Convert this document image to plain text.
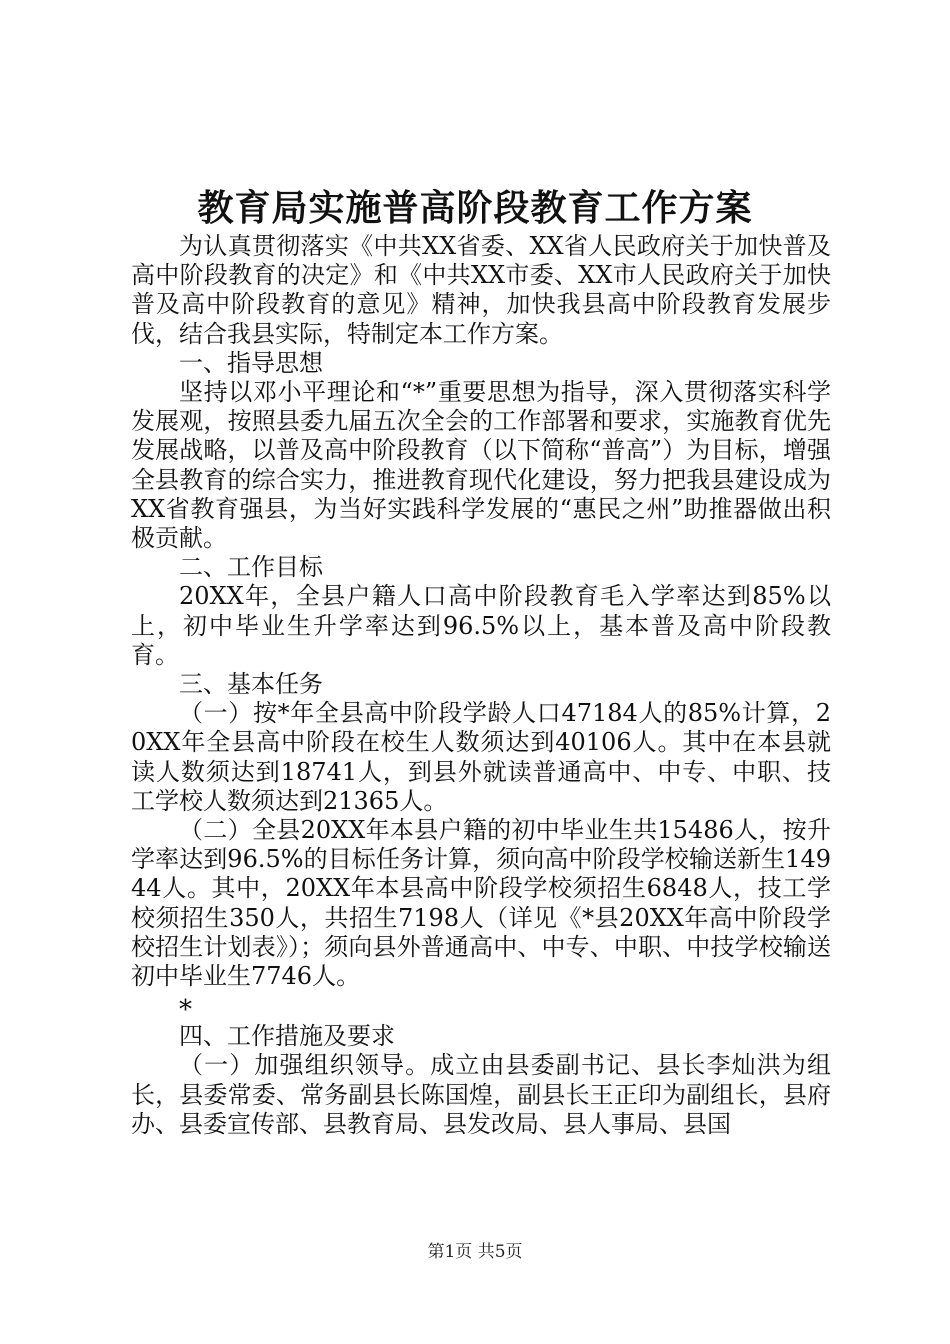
教育局实施普高阶段教育工作方案

为认真贯彻落实《中共XX省委、XX省人民政府关于加快普及高中阶段教育的决定》和《中共XX市委、XX市人民政府关于加快普及高中阶段教育的意见》精神，加快我县高中阶段教育发展步伐，结合我县实际，特制定本工作方案。

一、指导思想

坚持以邓小平理论和“*”重要思想为指导，深入贯彻落实科学发展观，按照县委九届五次全会的工作部署和要求，实施教育优先发展战略，以普及高中阶段教育（以下简称“普高”）为目标，增强全县教育的综合实力，推进教育现代化建设，努力把我县建设成为XX省教育强县，为当好实践科学发展的“惠民之州”助推器做出积极贡献。

二、工作目标

20XX年，全县户籍人口高中阶段教育毛入学率达到85%以上，初中毕业生升学率达到96.5%以上，基本普及高中阶段教育。

三、基本任务

（一）按*年全县高中阶段学龄人口47184人的85%计算，20XX年全县高中阶段在校生人数须达到40106人。其中在本县就读人数须达到18741人，到县外就读普通高中、中专、中职、技工学校人数须达到21365人。

（二）全县20XX年本县户籍的初中毕业生共15486人，按升学率达到96.5%的目标任务计算，须向高中阶段学校输送新生14944人。其中，20XX年本县高中阶段学校须招生6848人，技工学校须招生350人，共招生7198人（详见《*县20XX年高中阶段学校招生计划表》）；须向县外普通高中、中专、中职、中技学校输送初中毕业生7746人。

*

四、工作措施及要求

（一）加强组织领导。成立由县委副书记、县长李灿洪为组长，县委常委、常务副县长陈国煌，副县长王正印为副组长，县府办、县委宣传部、县教育局、县发改局、县人事局、县国

第1页 共5页
